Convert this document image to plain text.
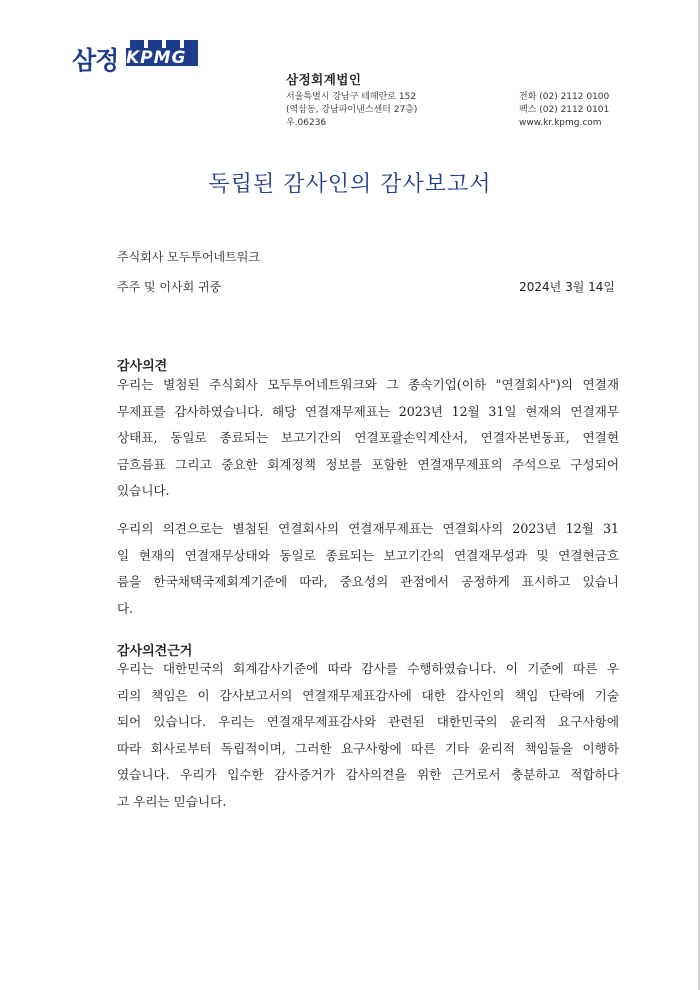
삼정 KPMG
삼정회계법인
서울특별시 강남구 테헤란로 152
(역삼동, 강남파이낸스센터 27층)
우.06236
전화 (02) 2112 0100
팩스 (02) 2112 0101
www.kr.kpmg.com
독립된 감사인의 감사보고서
주식회사 모두투어네트워크
주주 및 이사회 귀중	2024년 3월 14일
감사의견
우리는 별첨된 주식회사 모두투어네트워크와 그 종속기업(이하 "연결회사")의 연결재
무제표를 감사하였습니다. 해당 연결재무제표는 2023년 12월 31일 현재의 연결재무
상태표, 동일로 종료되는 보고기간의 연결포괄손익계산서, 연결자본변동표, 연결현
금흐름표 그리고 중요한 회계정책 정보를 포함한 연결재무제표의 주석으로 구성되어
있습니다.
우리의 의견으로는 별첨된 연결회사의 연결재무제표는 연결회사의 2023년 12월 31
일 현재의 연결재무상태와 동일로 종료되는 보고기간의 연결재무성과 및 연결현금흐
름을 한국채택국제회계기준에 따라, 중요성의 관점에서 공정하게 표시하고 있습니
다.
감사의견근거
우리는 대한민국의 회계감사기준에 따라 감사를 수행하였습니다. 이 기준에 따른 우
리의 책임은 이 감사보고서의 연결재무제표감사에 대한 감사인의 책임 단락에 기술
되어 있습니다. 우리는 연결재무제표감사와 관련된 대한민국의 윤리적 요구사항에
따라 회사로부터 독립적이며, 그러한 요구사항에 따른 기타 윤리적 책임들을 이행하
였습니다. 우리가 입수한 감사증거가 감사의견을 위한 근거로서 충분하고 적합하다
고 우리는 믿습니다.
